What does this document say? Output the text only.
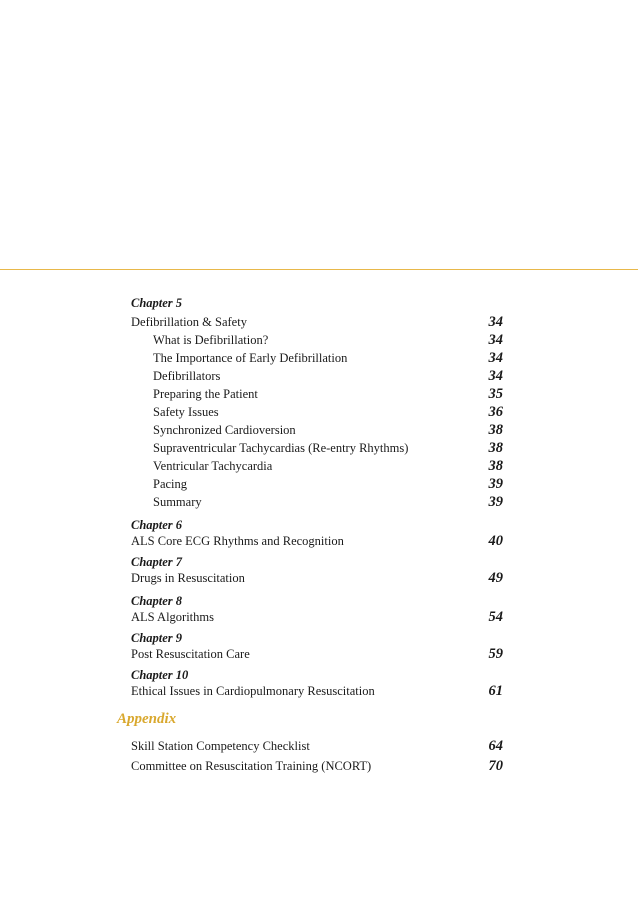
Chapter 5
Defibrillation & Safety	34
What is Defibrillation?	34
The Importance of Early Defibrillation	34
Defibrillators	34
Preparing the Patient	35
Safety Issues	36
Synchronized Cardioversion	38
Supraventricular Tachycardias (Re-entry Rhythms)	38
Ventricular Tachycardia	38
Pacing	39
Summary	39
Chapter 6
ALS Core ECG Rhythms and Recognition	40
Chapter 7
Drugs in Resuscitation	49
Chapter 8
ALS Algorithms	54
Chapter 9
Post Resuscitation Care	59
Chapter 10
Ethical Issues in Cardiopulmonary Resuscitation	61
Appendix
Skill Station Competency Checklist	64
Committee on Resuscitation Training (NCORT)	70
